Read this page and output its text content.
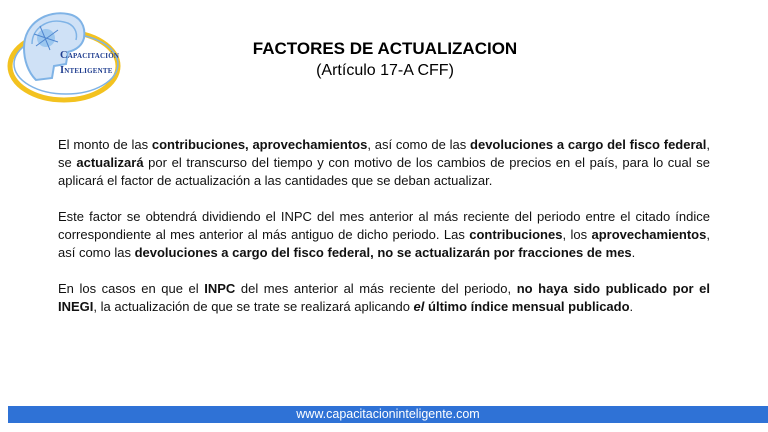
Capacitación
Inteligente
FACTORES DE ACTUALIZACION
(Artículo 17-A CFF)

El monto de las contribuciones, aprovechamientos, así como de las devoluciones a cargo del fisco federal, se actualizará por el transcurso del tiempo y con motivo de los cambios de precios en el país, para lo cual se aplicará el factor de actualización a las cantidades que se deban actualizar.

Este factor se obtendrá dividiendo el INPC del mes anterior al más reciente del periodo entre el citado índice correspondiente al mes anterior al más antiguo de dicho periodo. Las contribuciones, los aprovechamientos, así como las devoluciones a cargo del fisco federal, no se actualizarán por fracciones de mes.

En los casos en que el INPC del mes anterior al más reciente del periodo, no haya sido publicado por el INEGI, la actualización de que se trate se realizará aplicando el último índice mensual publicado.

www.capacitacioninteligente.com
